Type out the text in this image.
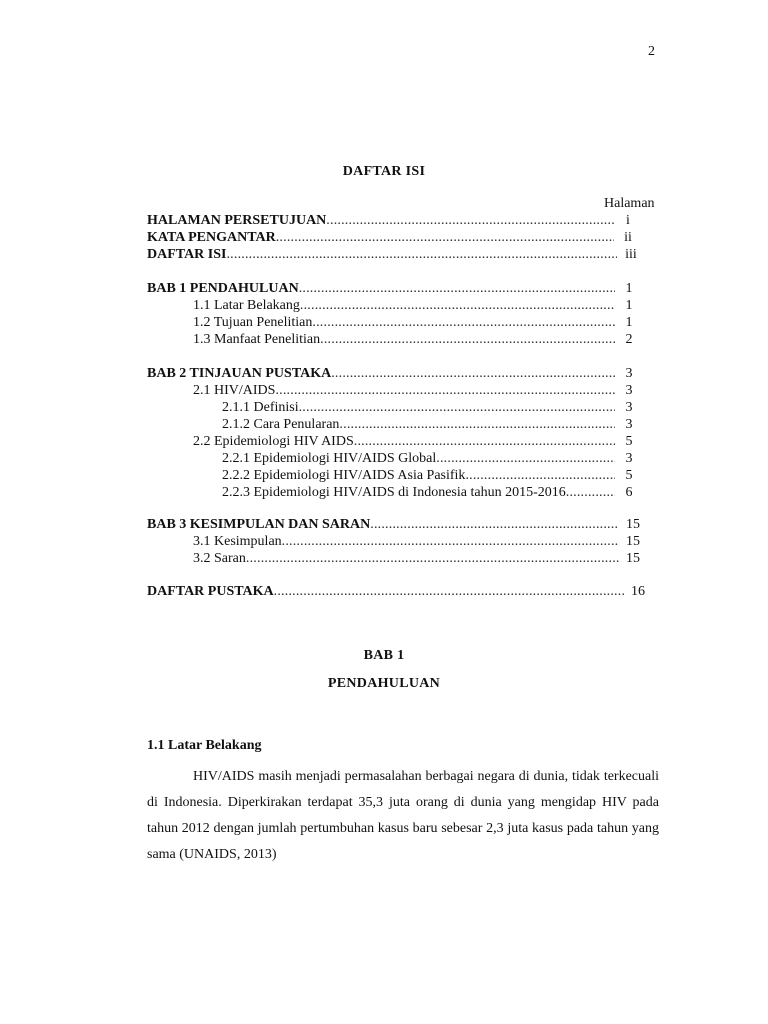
2
DAFTAR ISI
Halaman
HALAMAN PERSETUJUAN .....	i
KATA PENGANTAR .....	ii
DAFTAR ISI .....	iii
BAB 1 PENDAHULUAN .....	1
1.1 Latar Belakang .....	1
1.2 Tujuan Penelitian .....	1
1.3 Manfaat Penelitian .....	2
BAB 2 TINJAUAN PUSTAKA .....	3
2.1 HIV/AIDS .....	3
2.1.1 Definisi .....	3
2.1.2 Cara Penularan .....	3
2.2 Epidemiologi HIV AIDS .....	5
2.2.1 Epidemiologi HIV/AIDS Global .....	3
2.2.2 Epidemiologi HIV/AIDS Asia Pasifik .....	5
2.2.3 Epidemiologi HIV/AIDS di Indonesia tahun 2015-2016 .....	6
BAB 3 KESIMPULAN DAN SARAN .....	15
3.1 Kesimpulan .....	15
3.2 Saran .....	15
DAFTAR PUSTAKA .....	16
BAB 1
PENDAHULUAN
1.1 Latar Belakang

HIV/AIDS masih menjadi permasalahan berbagai negara di dunia, tidak terkecuali di Indonesia. Diperkirakan terdapat 35,3 juta orang di dunia yang mengidap HIV pada tahun 2012 dengan jumlah pertumbuhan kasus baru sebesar 2,3 juta kasus pada tahun yang sama (UNAIDS, 2013)
